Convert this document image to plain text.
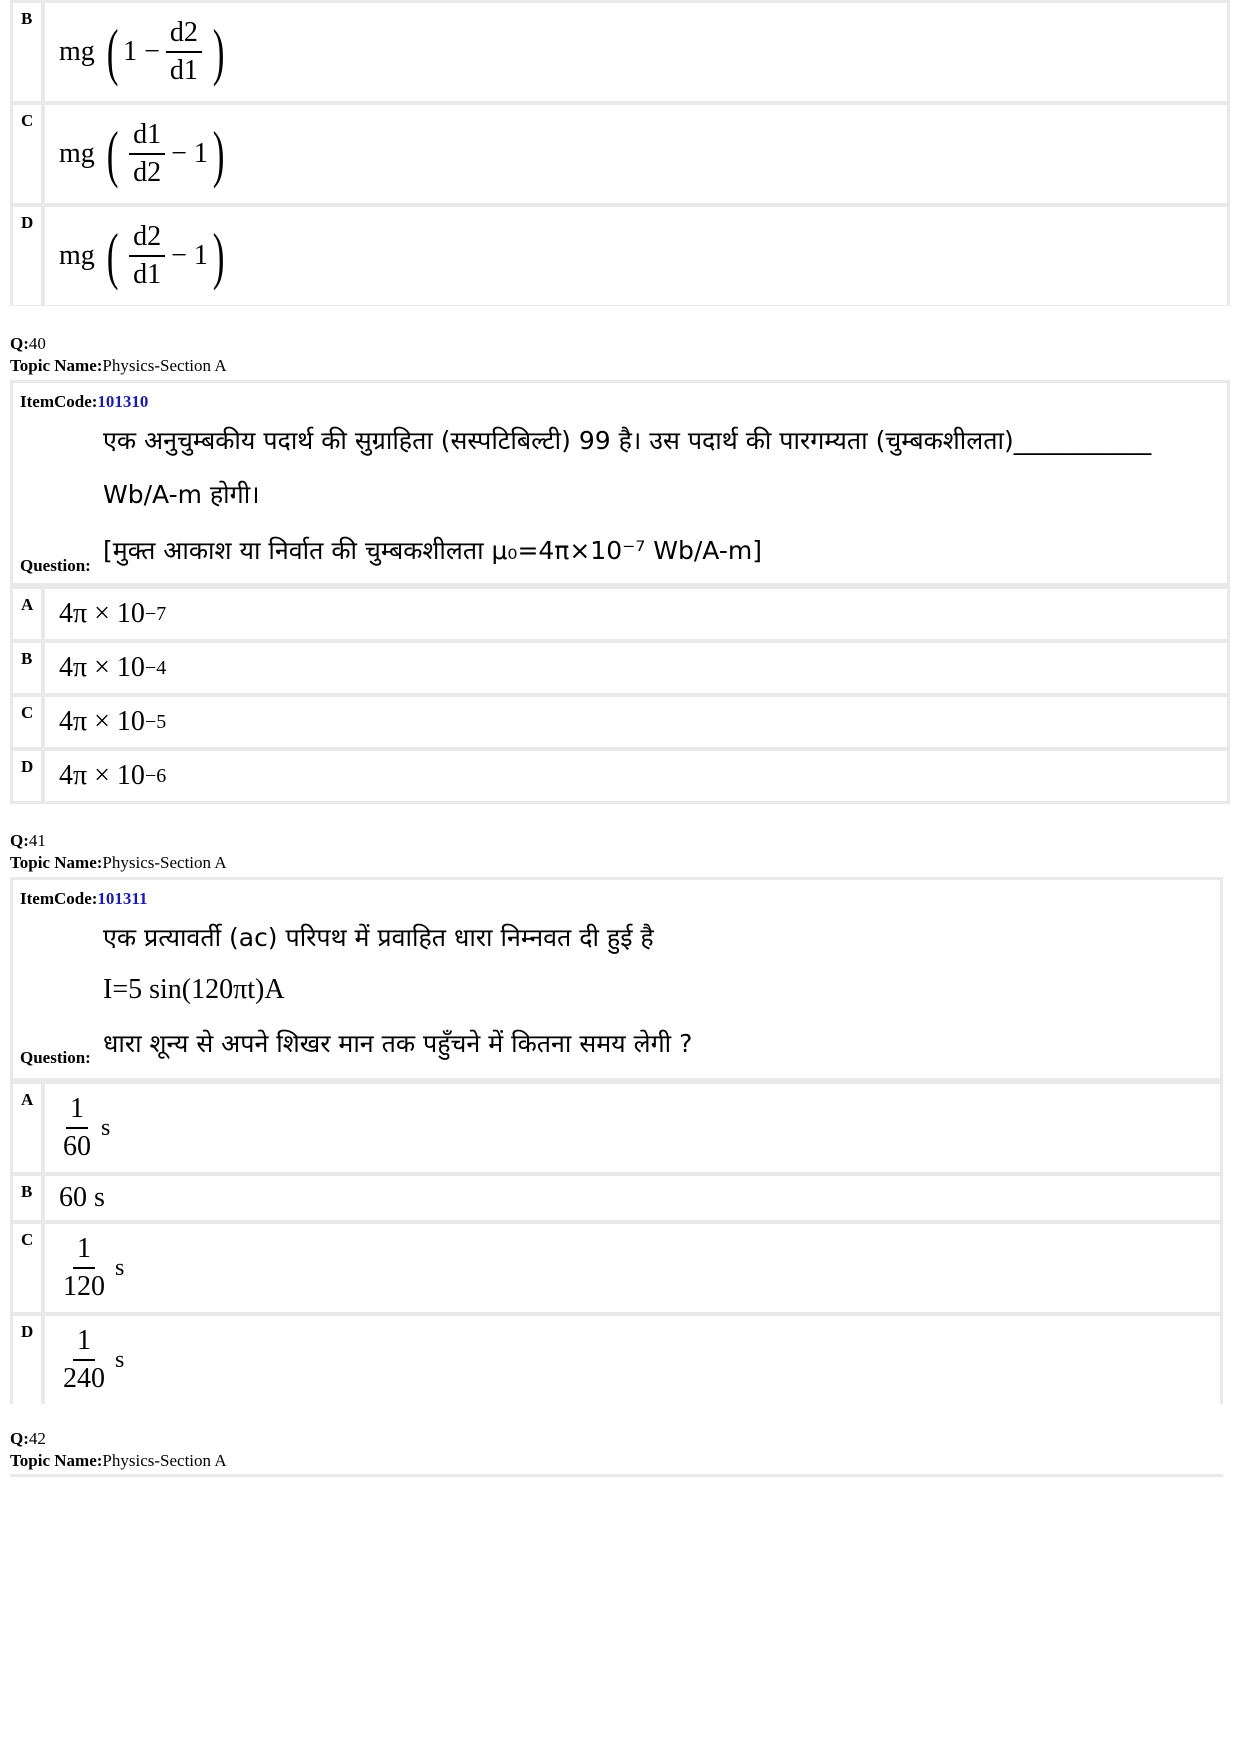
B
mg
( $1 - \frac{d2}{d1}$ )
C
mg
( $\frac{d1}{d2} - 1$ )
D
mg
( $\frac{d2}{d1} - 1$ )
Q:40
Topic Name:Physics-Section A
ItemCode:101310
एक अनुचुम्बकीय पदार्थ की सुग्राहिता (सस्पटिबिल्टी) 99 है। उस पदार्थ की पारगम्यता (चुम्बकशीलता)___________
Wb/A-m होगी।
[मुक्त आकाश या निर्वात की चुम्बकशीलता μ₀=4π×10⁻⁷ Wb/A-m]
Question:
A 4π × 10 −7
B 4π × 10 −4
C 4π × 10 −5
D 4π × 10 −6
Q:41
Topic Name:Physics-Section A
ItemCode:101311
एक प्रत्यावर्ती (ac) परिपथ में प्रवाहित धारा निम्नवत दी हुई है
I=5 sin(120πt)A
धारा शून्य से अपने शिखर मान तक पहुँचने में कितना समय लेगी ?
Question:
A $\frac{1}{60}$ s
B 60 s
C $\frac{1}{120}$ s
D $\frac{1}{240}$ s
Q:42
Topic Name:Physics-Section A
